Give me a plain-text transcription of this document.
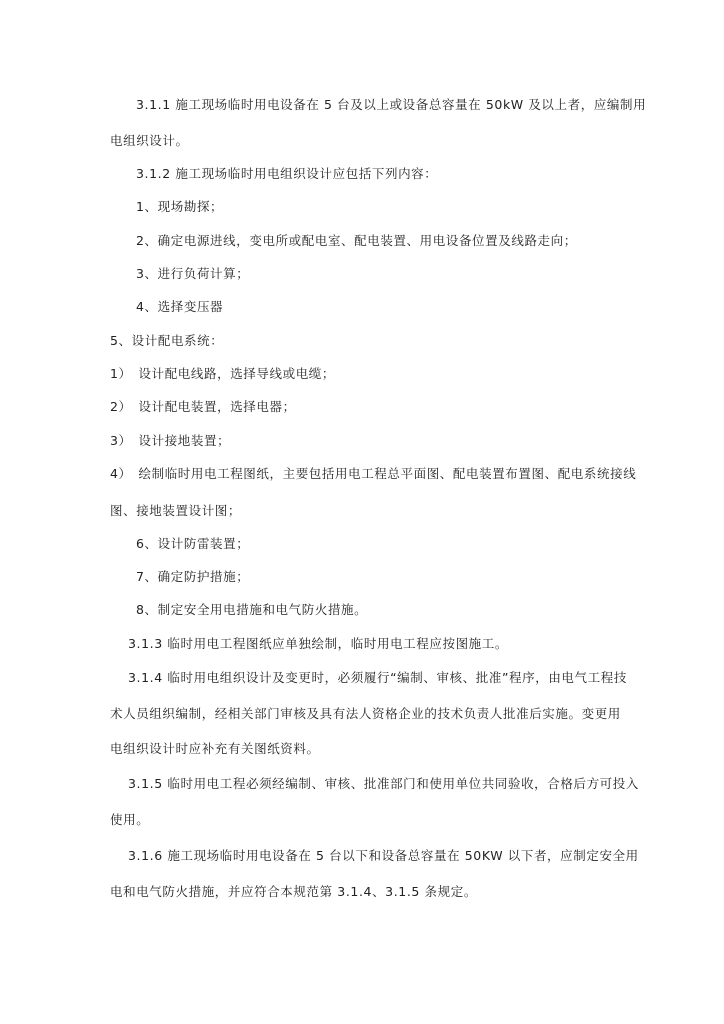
3.1.1 施工现场临时用电设备在 5 台及以上或设备总容量在 50kW 及以上者，应编制用
电组织设计。
3.1.2 施工现场临时用电组织设计应包括下列内容：
1、现场勘探；
2、确定电源进线，变电所或配电室、配电装置、用电设备位置及线路走向；
3、进行负荷计算；
4、选择变压器
5、设计配电系统：
1）　设计配电线路，选择导线或电缆；
2）　设计配电装置，选择电器；
3）　设计接地装置；
4）　绘制临时用电工程图纸，主要包括用电工程总平面图、配电装置布置图、配电系统接线
图、接地装置设计图；
6、设计防雷装置；
7、确定防护措施；
8、制定安全用电措施和电气防火措施。
3.1.3 临时用电工程图纸应单独绘制，临时用电工程应按图施工。
3.1.4 临时用电组织设计及变更时，必须履行“编制、审核、批准”程序，由电气工程技
术人员组织编制，经相关部门审核及具有法人资格企业的技术负责人批准后实施。变更用
电组织设计时应补充有关图纸资料。
3.1.5 临时用电工程必须经编制、审核、批准部门和使用单位共同验收，合格后方可投入
使用。
3.1.6 施工现场临时用电设备在 5 台以下和设备总容量在 50KW 以下者，应制定安全用
电和电气防火措施，并应符合本规范第 3.1.4、3.1.5 条规定。
